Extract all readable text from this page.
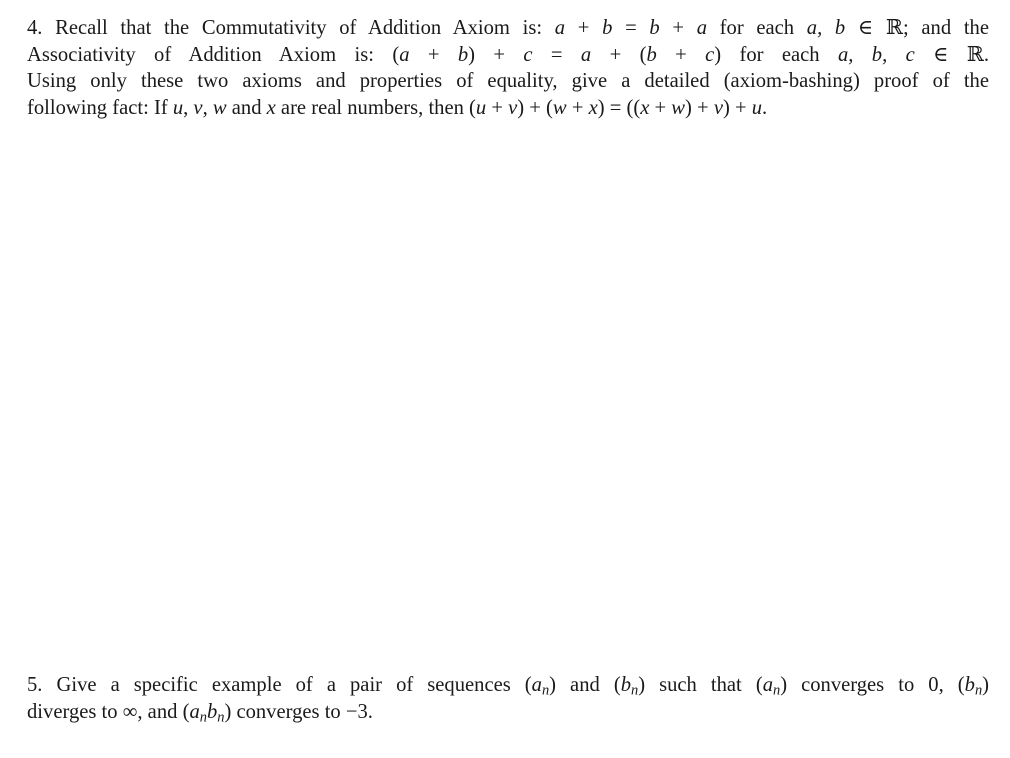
4. Recall that the Commutativity of Addition Axiom is: a + b = b + a for each a, b ∈ ℝ; and the
Associativity of Addition Axiom is: (a + b) + c = a + (b + c) for each a, b, c ∈ ℝ.
Using only these two axioms and properties of equality, give a detailed (axiom-bashing) proof of the
following fact: If u, v, w and x are real numbers, then (u + v) + (w + x) = ((x + w) + v) + u.
5. Give a specific example of a pair of sequences $(a_n)$ and $(b_n)$ such that $(a_n)$ converges to 0, $(b_n)$
diverges to ∞, and $(a_nb_n)$ converges to −3.
